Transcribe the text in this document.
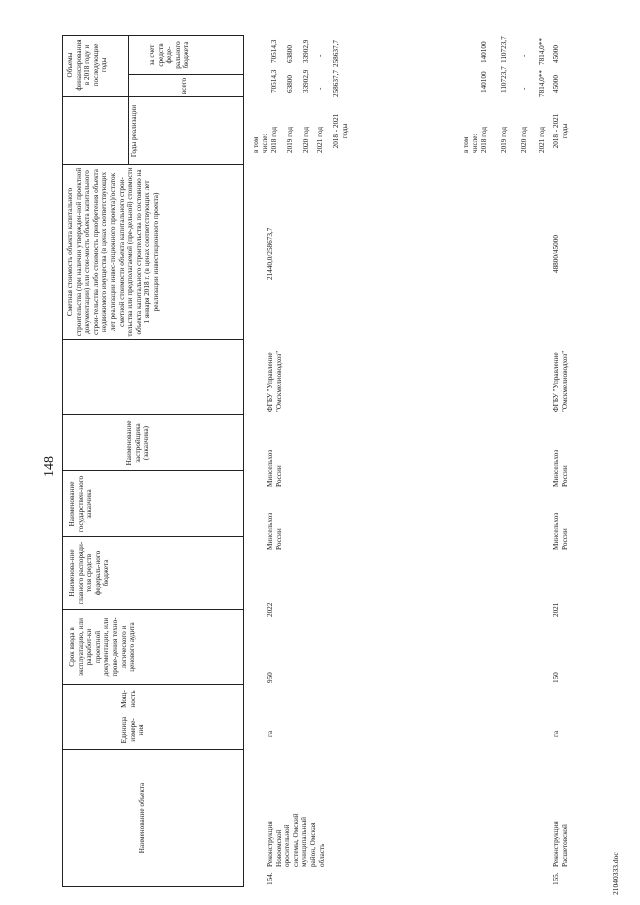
148
21040333.doc
Наименование объекта
Единица измере-ния
Мощ-ность
Срок ввода в эксплуатацию, или разработ-ки проектной документации, или прове-дения техно-логического и ценового аудита
Наименова-ние главного распоряди-теля средств федераль-ного бюджета
Наименование государствен-ного заказчика
Наименование застройщика (заказчика)
Сметная стоимость объекта капитального строительства (при наличии утвержден-ной проектной документации) или стои-мость объекта капитального строи-тельства либо стоимость приобретения объекта недвижимого имущества (в ценах соответствующих лет реализации инвес-тиционного проекта)/остаток сметной стоимости объекта капитального строи-тельства или предполагаемой (пре-дельной) стоимости объекта капитального строительства по состоянию на 1 января 2018 г. (в ценах соответствующих лет реализации инвестиционного проекта)
Годы реализации
Объемы финансирования в 2018 году и последующие годы
всего
за счет средств феде-рального бюджета
154.
Реконструкция Новоомской оросительной системы, Омский муниципальный район, Омская область
га
950
2022
Минсельхоз России
Минсельхоз России
ФГБУ "Управление "Омскмелиоводхоз"
21440,0/258673,7
в том числе: 2018 год
70514,3
70514,3
2019 год
63800
63800
2020 год
33902,9
33902,9
2021 год
-
-
2018 - 2021 годы
258637,7
258637,7
155.
Реконструкция Расшетовской
га
150
2021
Минсельхоз России
Минсельхоз России
ФГБУ "Управление "Омскмелиоводхоз"
48800/45000
в том числе: 2018 год
140100
140100
2019 год
110723,7
110723,7
2020 год
-
-
2021 год
7814,0**
7814,0**
2018 - 2021 годы
45000
45000
